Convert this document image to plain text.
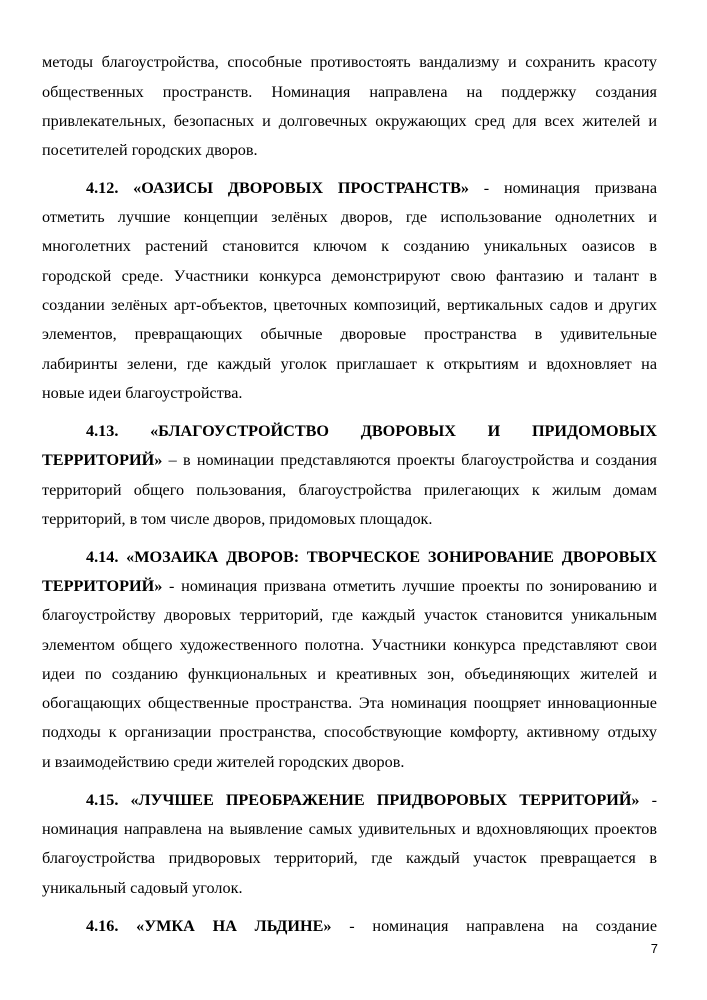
методы благоустройства, способные противостоять вандализму и сохранить красоту
общественных пространств. Номинация направлена на поддержку создания
привлекательных, безопасных и долговечных окружающих сред для всех жителей и
посетителей городских дворов.
4.12. «ОАЗИСЫ ДВОРОВЫХ ПРОСТРАНСТВ» - номинация призвана
отметить лучшие концепции зелёных дворов, где использование однолетних и
многолетних растений становится ключом к созданию уникальных оазисов в
городской среде. Участники конкурса демонстрируют свою фантазию и талант в
создании зелёных арт-объектов, цветочных композиций, вертикальных садов и других
элементов, превращающих обычные дворовые пространства в удивительные
лабиринты зелени, где каждый уголок приглашает к открытиям и вдохновляет на
новые идеи благоустройства.
4.13. «БЛАГОУСТРОЙСТВО ДВОРОВЫХ И ПРИДОМОВЫХ
ТЕРРИТОРИЙ» – в номинации представляются проекты благоустройства и создания
территорий общего пользования, благоустройства прилегающих к жилым домам
территорий, в том числе дворов, придомовых площадок.
4.14. «МОЗАИКА ДВОРОВ: ТВОРЧЕСКОЕ ЗОНИРОВАНИЕ ДВОРОВЫХ
ТЕРРИТОРИЙ» - номинация призвана отметить лучшие проекты по зонированию и
благоустройству дворовых территорий, где каждый участок становится уникальным
элементом общего художественного полотна. Участники конкурса представляют свои
идеи по созданию функциональных и креативных зон, объединяющих жителей и
обогащающих общественные пространства. Эта номинация поощряет инновационные
подходы к организации пространства, способствующие комфорту, активному отдыху
и взаимодействию среди жителей городских дворов.
4.15. «ЛУЧШЕЕ ПРЕОБРАЖЕНИЕ ПРИДВОРОВЫХ ТЕРРИТОРИЙ» -
номинация направлена на выявление самых удивительных и вдохновляющих проектов
благоустройства придворовых территорий, где каждый участок превращается в
уникальный садовый уголок.
4.16. «УМКА НА ЛЬДИНЕ» - номинация направлена на создание
7
